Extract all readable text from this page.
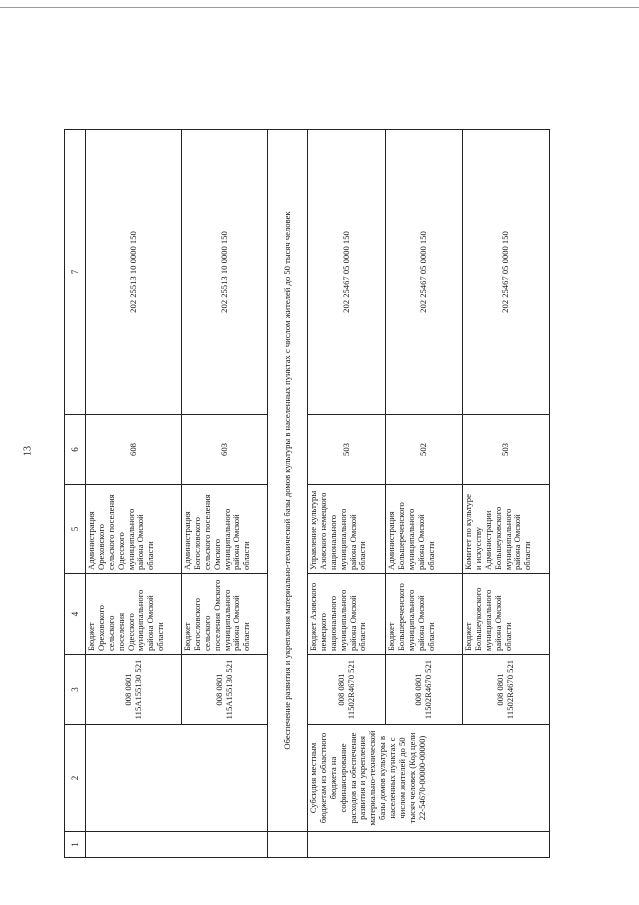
13
1	2	3	4	5	6	7
		008 0801 115А155130 521	Бюджет Ореховского сельского поселения Одесского муниципального района Омской области	Администрация Ореховского сельского поселения Одесского муниципального района Омской области	608	202 25513 10 0000 150
		008 0801 115А155130 521	Бюджет Богословского сельского поселения Омского муниципального района Омской области	Администрация Богословского сельского поселения Омского муниципального района Омской области	603	202 25513 10 0000 150
	Обеспечение развития и укрепления материально-технической базы домов культуры в населенных пунктах с числом жителей до 50 тысяч человек					
	Субсидия местным бюджетам из областного бюджета на софинансирование расходов на обеспечение развития и укрепления материально-технической базы домов культуры в населенных пунктах с числом жителей до 50 тысяч человек (Код цели 22-54670-00000-00000)	008 0801 11502R4670 521	Бюджет Азовского немецкого национального муниципального района Омской области	Управление культуры Азовского немецкого национального муниципального района Омской области	503	202 25467 05 0000 150
		008 0801 11502R4670 521	Бюджет Большереченского муниципального района Омской области	Администрация Большереченского муниципального района Омской области	502	202 25467 05 0000 150
		008 0801 11502R4670 521	Бюджет Большеуковского муниципального района Омской области	Комитет по культуре и искусству Администрации Большеуковского муниципального района Омской области	503	202 25467 05 0000 150
